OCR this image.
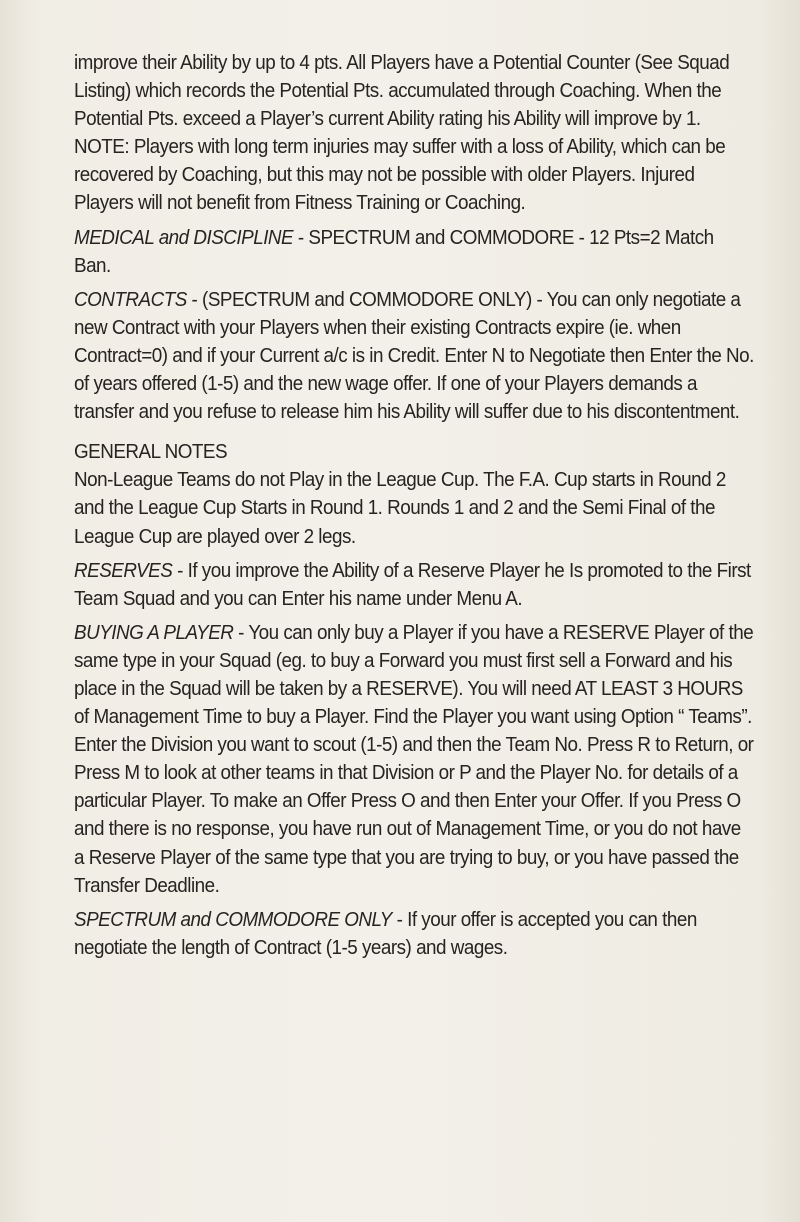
improve their Ability by up to 4 pts. All Players have a Potential Counter (See Squad Listing) which records the Potential Pts. accumulated through Coaching. When the Potential Pts. exceed a Player’s current Ability rating his Ability will improve by 1. NOTE: Players with long term injuries may suffer with a loss of Ability, which can be recovered by Coaching, but this may not be possible with older Players. Injured Players will not benefit from Fitness Training or Coaching.

MEDICAL and DISCIPLINE - SPECTRUM and COMMODORE - 12 Pts=2 Match Ban.

CONTRACTS - (SPECTRUM and COMMODORE ONLY) - You can only negotiate a new Contract with your Players when their existing Contracts expire (ie. when Contract=0) and if your Current a/c is in Credit. Enter N to Negotiate then Enter the No. of years offered (1-5) and the new wage offer. If one of your Players demands a transfer and you refuse to release him his Ability will suffer due to his discontentment.

GENERAL NOTES

Non-League Teams do not Play in the League Cup. The F.A. Cup starts in Round 2 and the League Cup Starts in Round 1. Rounds 1 and 2 and the Semi Final of the League Cup are played over 2 legs.

RESERVES - If you improve the Ability of a Reserve Player he Is promoted to the First Team Squad and you can Enter his name under Menu A.

BUYING A PLAYER - You can only buy a Player if you have a RESERVE Player of the same type in your Squad (eg. to buy a Forward you must first sell a Forward and his place in the Squad will be taken by a RESERVE). You will need AT LEAST 3 HOURS of Management Time to buy a Player. Find the Player you want using Option “ Teams”. Enter the Division you want to scout (1-5) and then the Team No. Press R to Return, or Press M to look at other teams in that Division or P and the Player No. for details of a particular Player. To make an Offer Press O and then Enter your Offer. If you Press O and there is no response, you have run out of Management Time, or you do not have a Reserve Player of the same type that you are trying to buy, or you have passed the Transfer Deadline.

SPECTRUM and COMMODORE ONLY - If your offer is accepted you can then negotiate the length of Contract (1-5 years) and wages.
